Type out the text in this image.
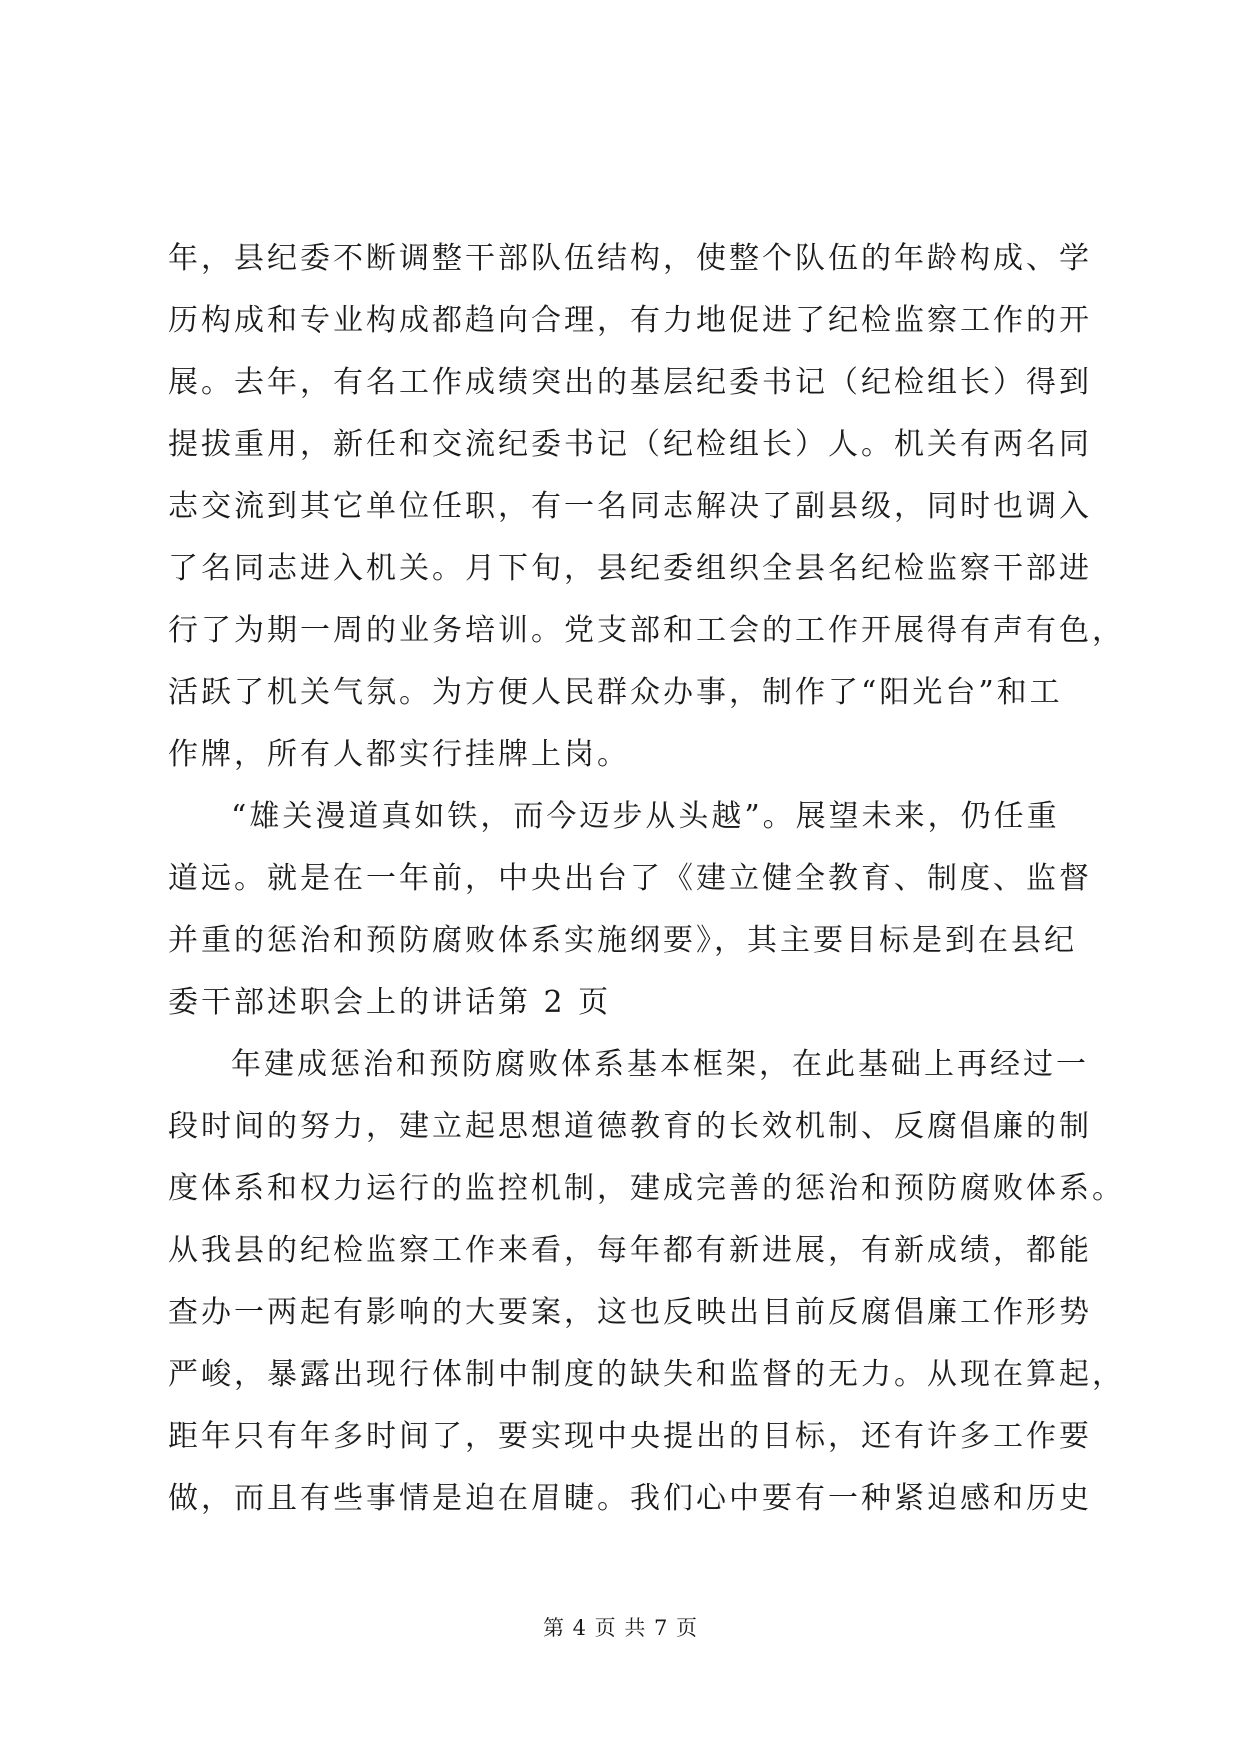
年，县纪委不断调整干部队伍结构，使整个队伍的年龄构成、学
历构成和专业构成都趋向合理，有力地促进了纪检监察工作的开
展。去年，有名工作成绩突出的基层纪委书记（纪检组长）得到
提拔重用，新任和交流纪委书记（纪检组长）人。机关有两名同
志交流到其它单位任职，有一名同志解决了副县级，同时也调入
了名同志进入机关。月下旬，县纪委组织全县名纪检监察干部进
行了为期一周的业务培训。党支部和工会的工作开展得有声有色，
活跃了机关气氛。为方便人民群众办事，制作了“阳光台”和工
作牌，所有人都实行挂牌上岗。

“雄关漫道真如铁，而今迈步从头越”。展望未来，仍任重
道远。就是在一年前，中央出台了《建立健全教育、制度、监督
并重的惩治和预防腐败体系实施纲要》，其主要目标是到在县纪
委干部述职会上的讲话第 2 页

年建成惩治和预防腐败体系基本框架，在此基础上再经过一
段时间的努力，建立起思想道德教育的长效机制、反腐倡廉的制
度体系和权力运行的监控机制，建成完善的惩治和预防腐败体系。
从我县的纪检监察工作来看，每年都有新进展，有新成绩，都能
查办一两起有影响的大要案，这也反映出目前反腐倡廉工作形势
严峻，暴露出现行体制中制度的缺失和监督的无力。从现在算起，
距年只有年多时间了，要实现中央提出的目标，还有许多工作要
做，而且有些事情是迫在眉睫。我们心中要有一种紧迫感和历史

第 4 页 共 7 页
